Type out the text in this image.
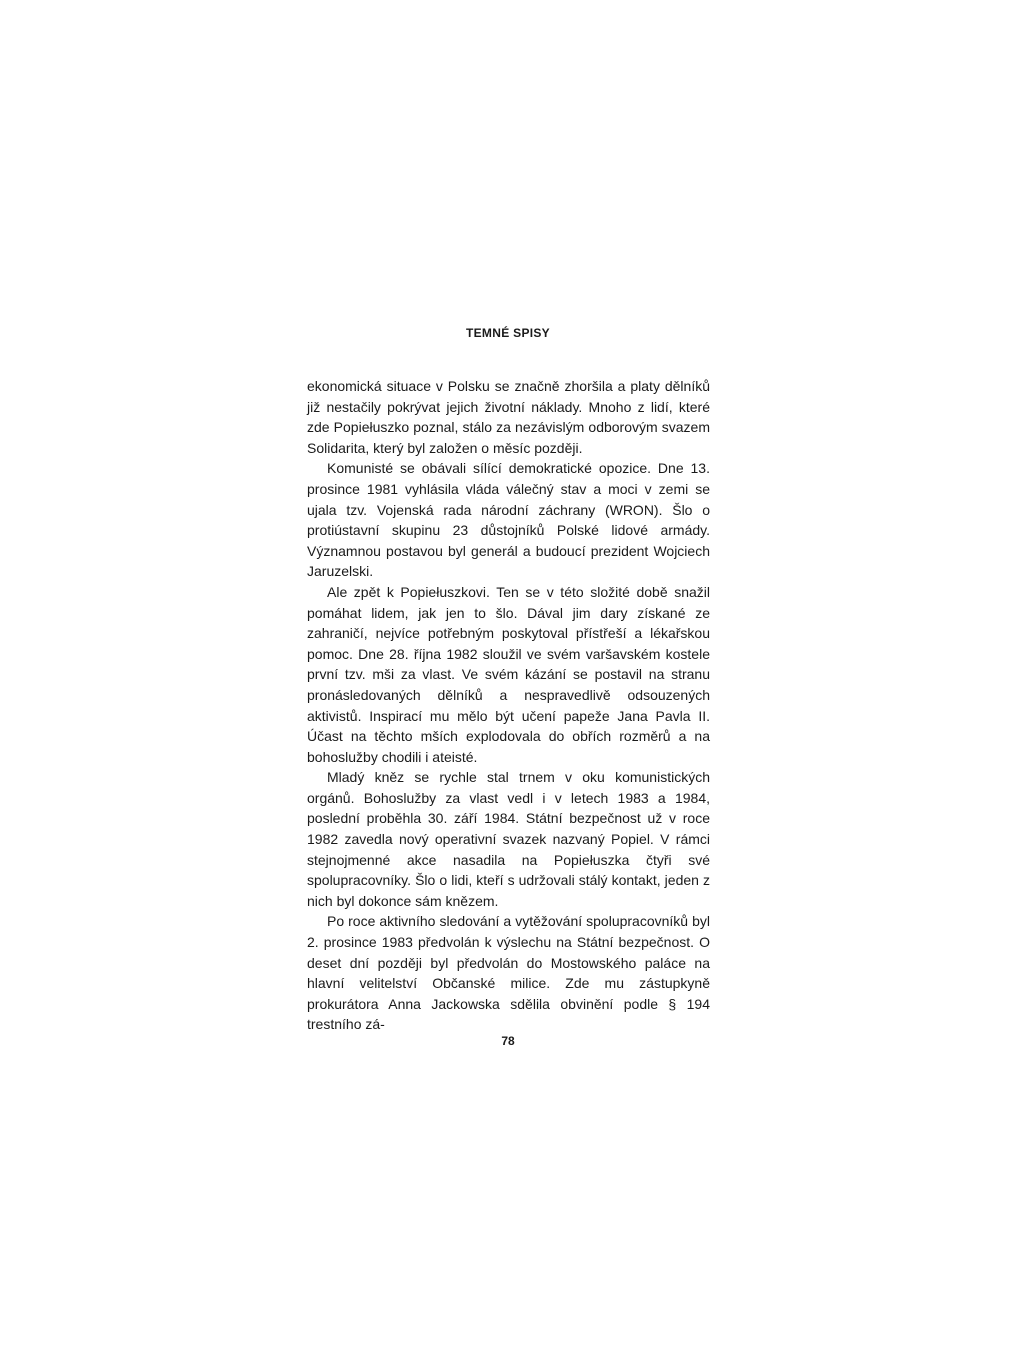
TEMNÉ SPISY

ekonomická situace v Polsku se značně zhoršila a platy dělníků již nestačily pokrývat jejich životní náklady. Mnoho z lidí, které zde Popiełuszko poznal, stálo za nezávislým odborovým svazem Solidarita, který byl založen o měsíc později.

Komunisté se obávali sílící demokratické opozice. Dne 13. prosince 1981 vyhlásila vláda válečný stav a moci v zemi se ujala tzv. Vojenská rada národní záchrany (WRON). Šlo o protiústavní skupinu 23 důstojníků Polské lidové armády. Významnou postavou byl generál a budoucí prezident Wojciech Jaruzelski.

Ale zpět k Popiełuszkovi. Ten se v této složité době snažil pomáhat lidem, jak jen to šlo. Dával jim dary získané ze zahraničí, nejvíce potřebným poskytoval přístřeší a lékařskou pomoc. Dne 28. října 1982 sloužil ve svém varšavském kostele první tzv. mši za vlast. Ve svém kázání se postavil na stranu pronásledovaných dělníků a nespravedlivě odsouzených aktivistů. Inspirací mu mělo být učení papeže Jana Pavla II. Účast na těchto mších explodovala do obřích rozměrů a na bohoslužby chodili i ateisté.

Mladý kněz se rychle stal trnem v oku komunistických orgánů. Bohoslužby za vlast vedl i v letech 1983 a 1984, poslední proběhla 30. září 1984. Státní bezpečnost už v roce 1982 zavedla nový operativní svazek nazvaný Popiel. V rámci stejnojmenné akce nasadila na Popiełuszka čtyři své spolupracovníky. Šlo o lidi, kteří s udržovali stálý kontakt, jeden z nich byl dokonce sám knězem.

Po roce aktivního sledování a vytěžování spolupracovníků byl 2. prosince 1983 předvolán k výslechu na Státní bezpečnost. O deset dní později byl předvolán do Mostowského paláce na hlavní velitelství Občanské milice. Zde mu zástupkyně prokurátora Anna Jackowska sdělila obvinění podle § 194 trestního zá-

78
